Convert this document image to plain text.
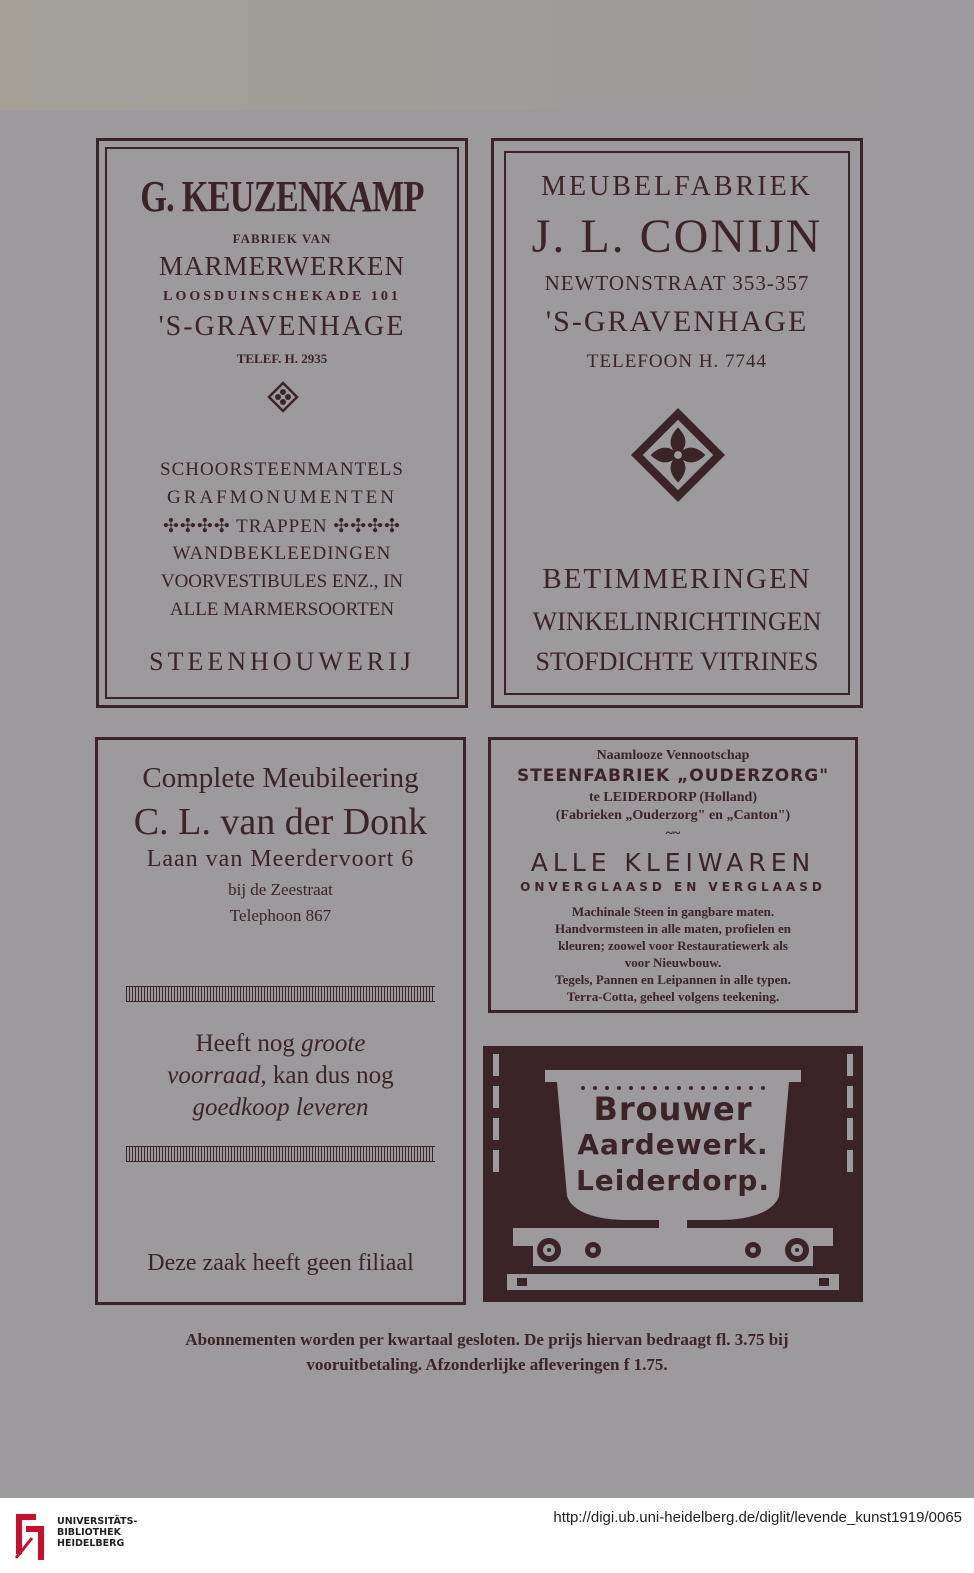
G. KEUZENKAMP
FABRIEK VAN
MARMERWERKEN
LOOSDUINSCHEKADE 101
'S-GRAVENHAGE
TELEF. H. 2935
SCHOORSTEENMANTELS
GRAFMONUMENTEN
✣✣✣✣ TRAPPEN ✣✣✣✣
WANDBEKLEEDINGEN
VOORVESTIBULES ENZ., IN
ALLE MARMERSOORTEN
STEENHOUWERIJ
MEUBELFABRIEK
J. L. CONIJN
NEWTONSTRAAT 353-357
'S-GRAVENHAGE
TELEFOON H. 7744
BETIMMERINGEN
WINKELINRICHTINGEN
STOFDICHTE VITRINES
Complete Meubileering
C. L. van der Donk
Laan van Meerdervoort 6
bij de Zeestraat
Telephoon 867
Heeft nog groote
voorraad, kan dus nog
goedkoop leveren
Deze zaak heeft geen filiaal
Naamlooze Vennootschap
STEENFABRIEK „OUDERZORG"
te LEIDERDORP (Holland)
(Fabrieken „Ouderzorg" en „Canton")
~~
ALLE KLEIWAREN
ONVERGLAASD EN VERGLAASD
Machinale Steen in gangbare maten.
Handvormsteen in alle maten, profielen en
kleuren; zoowel voor Restauratiewerk als
voor Nieuwbouw.
Tegels, Pannen en Leipannen in alle typen.
Terra-Cotta, geheel volgens teekening.
Brouwer
Aardewerk.
Leiderdorp.
Abonnementen worden per kwartaal gesloten. De prijs hiervan bedraagt fl. 3.75 bij
vooruitbetaling. Afzonderlijke afleveringen f 1.75.
UNIVERSITÄTS-
BIBLIOTHEK
HEIDELBERG
http://digi.ub.uni-heidelberg.de/diglit/levende_kunst1919/0065
